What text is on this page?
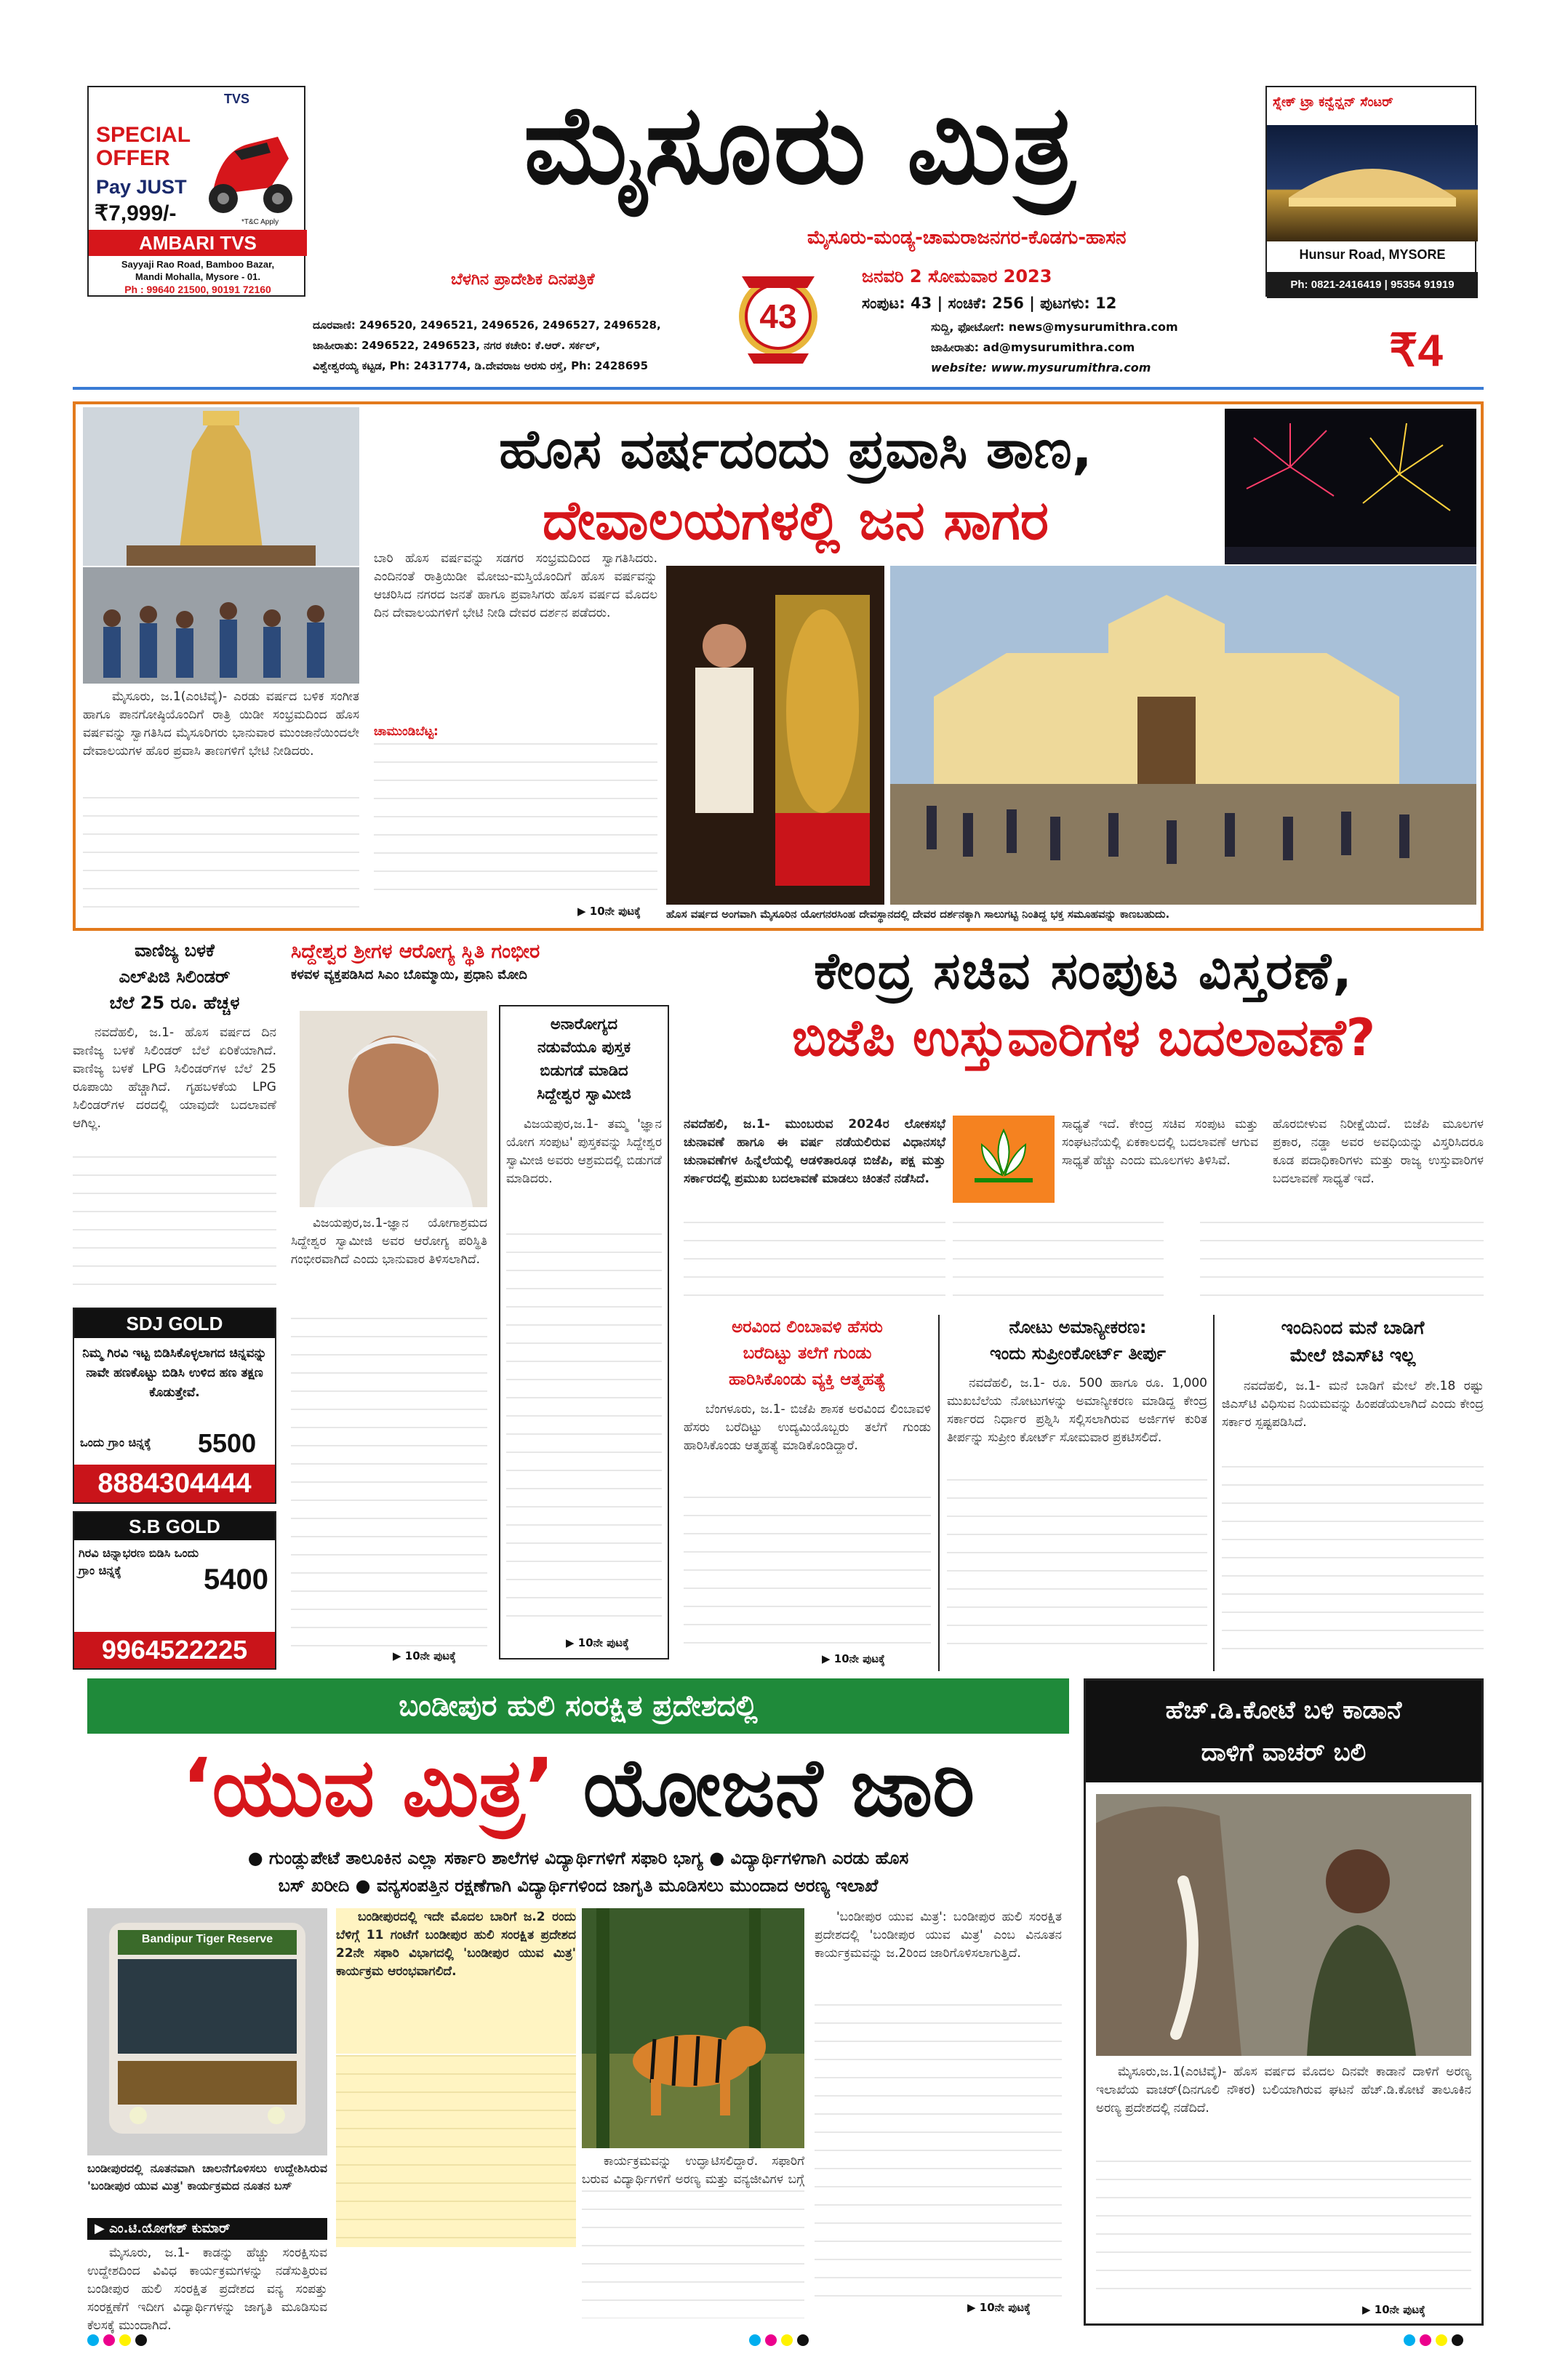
TVS
SPECIAL OFFER
Pay JUST
₹7,999/-	*T&C Apply
AMBARI TVS
Sayyaji Rao Road, Bamboo Bazar,
Mandi Mohalla, Mysore - 01.
Ph : 99640 21500, 90191 72160
ಮೈಸೂರು ಮಿತ್ರ
ಮೈಸೂರು-ಮಂಡ್ಯ-ಚಾಮರಾಜನಗರ-ಕೊಡಗು-ಹಾಸನ
ಬೆಳಗಿನ ಪ್ರಾದೇಶಿಕ ದಿನಪತ್ರಿಕೆ
43
ಜನವರಿ 2 ಸೋಮವಾರ 2023
ಸಂಪುಟ: 43 | ಸಂಚಿಕೆ: 256 | ಪುಟಗಳು: 12
ದೂರವಾಣಿ: 2496520, 2496521, 2496526, 2496527, 2496528,
ಜಾಹೀರಾತು: 2496522, 2496523, ನಗರ ಕಚೇರಿ: ಕೆ.ಆರ್. ಸರ್ಕಲ್,
ವಿಶ್ವೇಶ್ವರಯ್ಯ ಕಟ್ಟಡ, Ph: 2431774, ಡಿ.ದೇವರಾಜ ಅರಸು ರಸ್ತೆ, Ph: 2428695
ಸುದ್ದಿ, ಫೋಟೋಗೆ: news@mysurumithra.com
ಜಾಹೀರಾತು: ad@mysurumithra.com
website: www.mysurumithra.com	₹4
ಸ್ನೇಕ್ ಟ್ರಾ ಕನ್ವೆನ್ಷನ್ ಸೆಂಟರ್
Hunsur Road, MYSORE
Ph: 0821-2416419 | 95354 91919
ಹೊಸ ವರ್ಷದಂದು ಪ್ರವಾಸಿ ತಾಣ,
ದೇವಾಲಯಗಳಲ್ಲಿ ಜನ ಸಾಗರ
ಮೈಸೂರು, ಜ.1(ಎಂಟಿವೈ)- ಎರಡು ವರ್ಷದ ಬಳಿಕ ಸಂಗೀತ ಹಾಗೂ ಪಾನಗೋಷ್ಠಿಯೊಂದಿಗೆ ರಾತ್ರಿ ಯಿಡೀ ಸಂಭ್ರಮದಿಂದ ಹೊಸ ವರ್ಷವನ್ನು ಸ್ವಾಗತಿಸಿದ ಮೈಸೂರಿಗರು ಭಾನುವಾರ ಮುಂಜಾನೆಯಿಂದಲೇ ದೇವಾಲಯಗಳ ಹೊರ ಪ್ರವಾಸಿ ತಾಣಗಳಿಗೆ ಭೇಟಿ ನೀಡಿದರು.
ಬಾರಿ ಹೊಸ ವರ್ಷವನ್ನು ಸಡಗರ ಸಂಭ್ರಮದಿಂದ ಸ್ವಾಗತಿಸಿದರು. ಎಂದಿನಂತೆ ರಾತ್ರಿಯಿಡೀ ಮೋಜು-ಮಸ್ತಿಯೊಂದಿಗೆ ಹೊಸ ವರ್ಷವನ್ನು ಆಚರಿಸಿದ ನಗರದ ಜನತೆ ಹಾಗೂ ಪ್ರವಾಸಿಗರು ಹೊಸ ವರ್ಷದ ಮೊದಲ ದಿನ ದೇವಾಲಯಗಳಿಗೆ ಭೇಟಿ ನೀಡಿ ದೇವರ ದರ್ಶನ ಪಡೆದರು.
ಚಾಮುಂಡಿಬೆಟ್ಟ:
▶ 10ನೇ ಪುಟಕ್ಕೆ ಹೊಸ ವರ್ಷದ ಅಂಗವಾಗಿ ಮೈಸೂರಿನ ಯೋಗನರಸಿಂಹ ದೇವಸ್ಥಾನದಲ್ಲಿ ದೇವರ ದರ್ಶನಕ್ಕಾಗಿ ಸಾಲುಗಟ್ಟಿ ನಿಂತಿದ್ದ ಭಕ್ತ ಸಮೂಹವನ್ನು ಕಾಣಬಹುದು.
ವಾಣಿಜ್ಯ ಬಳಕೆ
ಎಲ್‌ಪಿಜಿ ಸಿಲಿಂಡರ್
ಬೆಲೆ 25 ರೂ. ಹೆಚ್ಚಳ
ನವದೆಹಲಿ, ಜ.1- ಹೊಸ ವರ್ಷದ ದಿನ ವಾಣಿಜ್ಯ ಬಳಕೆ ಸಿಲಿಂಡರ್ ಬೆಲೆ ಏರಿಕೆಯಾಗಿದೆ. ವಾಣಿಜ್ಯ ಬಳಕೆ LPG ಸಿಲಿಂಡರ್‌ಗಳ ಬೆಲೆ 25 ರೂಪಾಯಿ ಹೆಚ್ಚಾಗಿದೆ. ಗೃಹಬಳಕೆಯ LPG ಸಿಲಿಂಡರ್‌ಗಳ ದರದಲ್ಲಿ ಯಾವುದೇ ಬದಲಾವಣೆ ಆಗಿಲ್ಲ.
SDJ GOLD
ನಿಮ್ಮ ಗಿರವಿ ಇಟ್ಟ ಬಿಡಿಸಿಕೊಳ್ಳಲಾಗದ ಚಿನ್ನವನ್ನು ನಾವೇ ಹಣಕೊಟ್ಟು ಬಿಡಿಸಿ ಉಳಿದ ಹಣ ತಕ್ಷಣ ಕೊಡುತ್ತೇವೆ.
ಒಂದು ಗ್ರಾಂ ಚಿನ್ನಕ್ಕೆ 5500
8884304444
S.B GOLD
ಗಿರವಿ ಚಿನ್ನಾಭರಣ ಬಿಡಿಸಿ ಒಂದು ಗ್ರಾಂ ಚಿನ್ನಕ್ಕೆ	5400
9964522225
ಸಿದ್ದೇಶ್ವರ ಶ್ರೀಗಳ ಆರೋಗ್ಯ ಸ್ಥಿತಿ ಗಂಭೀರ
ಕಳವಳ ವ್ಯಕ್ತಪಡಿಸಿದ ಸಿಎಂ ಬೊಮ್ಮಾಯಿ, ಪ್ರಧಾನಿ ಮೋದಿ
ವಿಜಯಪುರ,ಜ.1-ಜ್ಞಾನ ಯೋಗಾಶ್ರಮದ ಸಿದ್ದೇಶ್ವರ ಸ್ವಾಮೀಜಿ ಅವರ ಆರೋಗ್ಯ ಪರಿಸ್ಥಿತಿ ಗಂಭೀರವಾಗಿದೆ ಎಂದು ಭಾನುವಾರ ತಿಳಿಸಲಾಗಿದೆ.
▶ 10ನೇ ಪುಟಕ್ಕೆ
ಅನಾರೋಗ್ಯದ
ನಡುವೆಯೂ ಪುಸ್ತಕ
ಬಿಡುಗಡೆ ಮಾಡಿದ
ಸಿದ್ದೇಶ್ವರ ಸ್ವಾಮೀಜಿ
ವಿಜಯಪುರ,ಜ.1- ತಮ್ಮ 'ಜ್ಞಾನ ಯೋಗ ಸಂಪುಟ' ಪುಸ್ತಕವನ್ನು ಸಿದ್ದೇಶ್ವರ ಸ್ವಾಮೀಜಿ ಅವರು ಆಶ್ರಮದಲ್ಲಿ ಬಿಡುಗಡೆ ಮಾಡಿದರು.
▶ 10ನೇ ಪುಟಕ್ಕೆ
ಕೇಂದ್ರ ಸಚಿವ ಸಂಪುಟ ವಿಸ್ತರಣೆ,
ಬಿಜೆಪಿ ಉಸ್ತುವಾರಿಗಳ ಬದಲಾವಣೆ?
ನವದೆಹಲಿ, ಜ.1- ಮುಂಬರುವ 2024ರ ಲೋಕಸಭೆ ಚುನಾವಣೆ ಹಾಗೂ ಈ ವರ್ಷ ನಡೆಯಲಿರುವ ವಿಧಾನಸಭೆ ಚುನಾವಣೆಗಳ ಹಿನ್ನೆಲೆಯಲ್ಲಿ ಆಡಳಿತಾರೂಢ ಬಿಜೆಪಿ, ಪಕ್ಷ ಮತ್ತು ಸರ್ಕಾರದಲ್ಲಿ ಪ್ರಮುಖ ಬದಲಾವಣೆ ಮಾಡಲು ಚಿಂತನೆ ನಡೆಸಿದೆ.
ಸಾಧ್ಯತೆ ಇದೆ. ಕೇಂದ್ರ ಸಚಿವ ಸಂಪುಟ ಮತ್ತು ಸಂಘಟನೆಯಲ್ಲಿ ಏಕಕಾಲದಲ್ಲಿ ಬದಲಾವಣೆ ಆಗುವ ಸಾಧ್ಯತೆ ಹೆಚ್ಚು ಎಂದು ಮೂಲಗಳು ತಿಳಿಸಿವೆ.
ಹೊರಬೀಳುವ ನಿರೀಕ್ಷೆಯಿದೆ. ಬಿಜೆಪಿ ಮೂಲಗಳ ಪ್ರಕಾರ, ನಡ್ಡಾ ಅವರ ಅವಧಿಯನ್ನು ವಿಸ್ತರಿಸಿದರೂ ಕೂಡ ಪದಾಧಿಕಾರಿಗಳು ಮತ್ತು ರಾಜ್ಯ ಉಸ್ತುವಾರಿಗಳ ಬದಲಾವಣೆ ಸಾಧ್ಯತೆ ಇದೆ.
ಅರವಿಂದ ಲಿಂಬಾವಳಿ ಹೆಸರು
ಬರೆದಿಟ್ಟು ತಲೆಗೆ ಗುಂಡು
ಹಾರಿಸಿಕೊಂಡು ವ್ಯಕ್ತಿ ಆತ್ಮಹತ್ಯೆ
ಬೆಂಗಳೂರು, ಜ.1- ಬಿಜೆಪಿ ಶಾಸಕ ಅರವಿಂದ ಲಿಂಬಾವಳಿ ಹೆಸರು ಬರೆದಿಟ್ಟು ಉದ್ಯಮಿಯೊಬ್ಬರು ತಲೆಗೆ ಗುಂಡು ಹಾರಿಸಿಕೊಂಡು ಆತ್ಮಹತ್ಯೆ ಮಾಡಿಕೊಂಡಿದ್ದಾರೆ.
▶ 10ನೇ ಪುಟಕ್ಕೆ
ನೋಟು ಅಮಾನ್ಯೀಕರಣ:
ಇಂದು ಸುಪ್ರೀಂಕೋರ್ಟ್ ತೀರ್ಪು
ನವದೆಹಲಿ, ಜ.1- ರೂ. 500 ಹಾಗೂ ರೂ. 1,000 ಮುಖಬೆಲೆಯ ನೋಟುಗಳನ್ನು ಅಮಾನ್ಯೀಕರಣ ಮಾಡಿದ್ದ ಕೇಂದ್ರ ಸರ್ಕಾರದ ನಿರ್ಧಾರ ಪ್ರಶ್ನಿಸಿ ಸಲ್ಲಿಸಲಾಗಿರುವ ಅರ್ಜಿಗಳ ಕುರಿತ ತೀರ್ಪನ್ನು ಸುಪ್ರೀಂ ಕೋರ್ಟ್ ಸೋಮವಾರ ಪ್ರಕಟಿಸಲಿದೆ.
ಇಂದಿನಿಂದ ಮನೆ ಬಾಡಿಗೆ
ಮೇಲೆ ಜಿಎಸ್‌ಟಿ ಇಲ್ಲ
ನವದೆಹಲಿ, ಜ.1- ಮನೆ ಬಾಡಿಗೆ ಮೇಲೆ ಶೇ.18 ರಷ್ಟು ಜಿಎಸ್‌ಟಿ ವಿಧಿಸುವ ನಿಯಮವನ್ನು ಹಿಂಪಡೆಯಲಾಗಿದೆ ಎಂದು ಕೇಂದ್ರ ಸರ್ಕಾರ ಸ್ಪಷ್ಟಪಡಿಸಿದೆ.
ಬಂಡೀಪುರ ಹುಲಿ ಸಂರಕ್ಷಿತ ಪ್ರದೇಶದಲ್ಲಿ
‘ಯುವ ಮಿತ್ರ’ ಯೋಜನೆ ಜಾರಿ
● ಗುಂಡ್ಲುಪೇಟೆ ತಾಲೂಕಿನ ಎಲ್ಲಾ ಸರ್ಕಾರಿ ಶಾಲೆಗಳ ವಿದ್ಯಾರ್ಥಿಗಳಿಗೆ ಸಫಾರಿ ಭಾಗ್ಯ ● ವಿದ್ಯಾರ್ಥಿಗಳಿಗಾಗಿ ಎರಡು ಹೊಸ
ಬಸ್ ಖರೀದಿ ● ವನ್ಯಸಂಪತ್ತಿನ ರಕ್ಷಣೆಗಾಗಿ ವಿದ್ಯಾರ್ಥಿಗಳಿಂದ ಜಾಗೃತಿ ಮೂಡಿಸಲು ಮುಂದಾದ ಅರಣ್ಯ ಇಲಾಖೆ
Bandipur Tiger Reserve
ಬಂಡೀಪುರದಲ್ಲಿ ನೂತನವಾಗಿ ಚಾಲನೆಗೊಳಿಸಲು ಉದ್ದೇಶಿಸಿರುವ 'ಬಂಡೀಪುರ ಯುವ ಮಿತ್ರ' ಕಾರ್ಯಕ್ರಮದ ನೂತನ ಬಸ್
▶ ಎಂ.ಟಿ.ಯೋಗೇಶ್ ಕುಮಾರ್
ಮೈಸೂರು, ಜ.1- ಕಾಡನ್ನು ಹೆಚ್ಚು ಸಂರಕ್ಷಿಸುವ ಉದ್ದೇಶದಿಂದ ವಿವಿಧ ಕಾರ್ಯಕ್ರಮಗಳನ್ನು ನಡೆಸುತ್ತಿರುವ ಬಂಡೀಪುರ ಹುಲಿ ಸಂರಕ್ಷಿತ ಪ್ರದೇಶದ ವನ್ಯ ಸಂಪತ್ತು ಸಂರಕ್ಷಣೆಗೆ ಇದೀಗ ವಿದ್ಯಾರ್ಥಿಗಳನ್ನು ಜಾಗೃತಿ ಮೂಡಿಸುವ ಕೆಲಸಕ್ಕೆ ಮುಂದಾಗಿದೆ.
ಬಂಡೀಪುರದಲ್ಲಿ ಇದೇ ಮೊದಲ ಬಾರಿಗೆ ಜ.2 ರಂದು ಬೆಳಿಗ್ಗೆ 11 ಗಂಟೆಗೆ ಬಂಡೀಪುರ ಹುಲಿ ಸಂರಕ್ಷಿತ ಪ್ರದೇಶದ 22ನೇ ಸಫಾರಿ ವಿಭಾಗದಲ್ಲಿ 'ಬಂಡೀಪುರ ಯುವ ಮಿತ್ರ' ಕಾರ್ಯಕ್ರಮ ಆರಂಭವಾಗಲಿದೆ.
ಕಾರ್ಯಕ್ರಮವನ್ನು ಉದ್ಘಾಟಿಸಲಿದ್ದಾರೆ. ಸಫಾರಿಗೆ ಬರುವ ವಿದ್ಯಾರ್ಥಿಗಳಿಗೆ ಅರಣ್ಯ ಮತ್ತು ವನ್ಯಜೀವಿಗಳ ಬಗ್ಗೆ
'ಬಂಡೀಪುರ ಯುವ ಮಿತ್ರ': ಬಂಡೀಪುರ ಹುಲಿ ಸಂರಕ್ಷಿತ ಪ್ರದೇಶದಲ್ಲಿ 'ಬಂಡೀಪುರ ಯುವ ಮಿತ್ರ' ಎಂಬ ವಿನೂತನ ಕಾರ್ಯಕ್ರಮವನ್ನು ಜ.2ರಿಂದ ಜಾರಿಗೊಳಿಸಲಾಗುತ್ತಿದೆ.
▶ 10ನೇ ಪುಟಕ್ಕೆ
ಹೆಚ್.ಡಿ.ಕೋಟೆ ಬಳಿ ಕಾಡಾನೆ
ದಾಳಿಗೆ ವಾಚರ್ ಬಲಿ
ಮೈಸೂರು,ಜ.1(ಎಂಟಿವೈ)- ಹೊಸ ವರ್ಷದ ಮೊದಲ ದಿನವೇ ಕಾಡಾನೆ ದಾಳಿಗೆ ಅರಣ್ಯ ಇಲಾಖೆಯ ವಾಚರ್(ದಿನಗೂಲಿ ನೌಕರ) ಬಲಿಯಾಗಿರುವ ಘಟನೆ ಹೆಚ್.ಡಿ.ಕೋಟೆ ತಾಲೂಕಿನ ಅರಣ್ಯ ಪ್ರದೇಶದಲ್ಲಿ ನಡೆದಿದೆ.
▶ 10ನೇ ಪುಟಕ್ಕೆ
